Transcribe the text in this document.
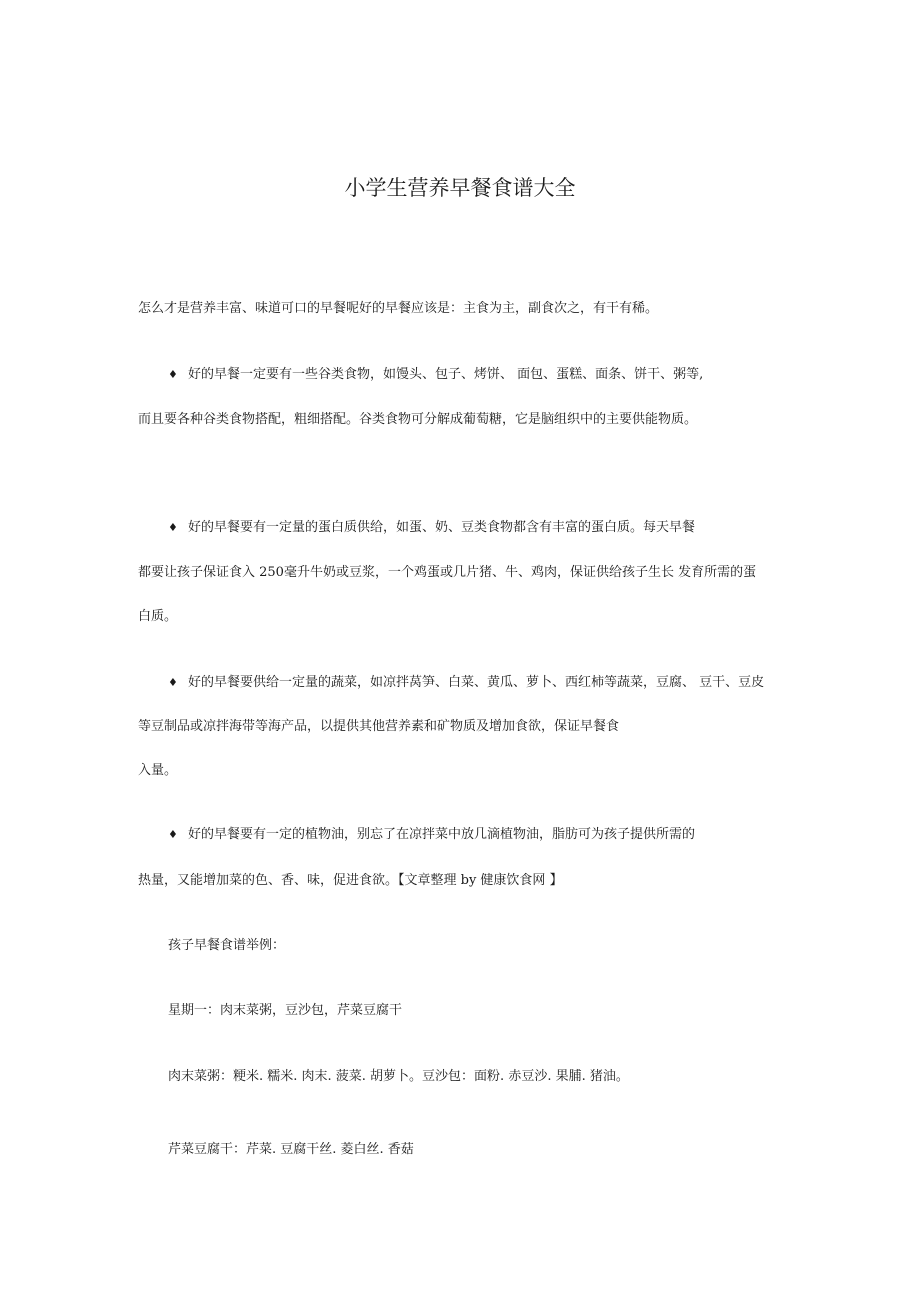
小学生营养早餐食谱大全
怎么才是营养丰富、味道可口的早餐呢好的早餐应该是：主食为主，副食次之，有干有稀。
♦ 好的早餐一定要有一些谷类食物，如馒头、包子、烤饼、 面包、蛋糕、面条、饼干、粥等,
而且要各种谷类食物搭配，粗细搭配。谷类食物可分解成葡萄糖，它是脑组织中的主要供能物质。
♦ 好的早餐要有一定量的蛋白质供给，如蛋、奶、豆类食物都含有丰富的蛋白质。每天早餐
都要让孩子保证食入 250毫升牛奶或豆浆，一个鸡蛋或几片猪、牛、鸡肉，保证供给孩子生长 发育所需的蛋
白质。
♦ 好的早餐要供给一定量的蔬菜，如凉拌莴笋、白菜、黄瓜、萝卜、西红柿等蔬菜，豆腐、 豆干、豆皮
等豆制品或凉拌海带等海产品，以提供其他营养素和矿物质及增加食欲，保证早餐食
入量。
♦ 好的早餐要有一定的植物油，别忘了在凉拌菜中放几滴植物油，脂肪可为孩子提供所需的
热量，又能增加菜的色、香、味，促进食欲。【文章整理 by 健康饮食网 】
孩子早餐食谱举例：
星期一：肉末菜粥，豆沙包，芹菜豆腐干
肉末菜粥：粳米. 糯米. 肉末. 菠菜. 胡萝卜。豆沙包：面粉. 赤豆沙. 果脯. 猪油。
芹菜豆腐干：芹菜. 豆腐干丝. 菱白丝. 香菇
